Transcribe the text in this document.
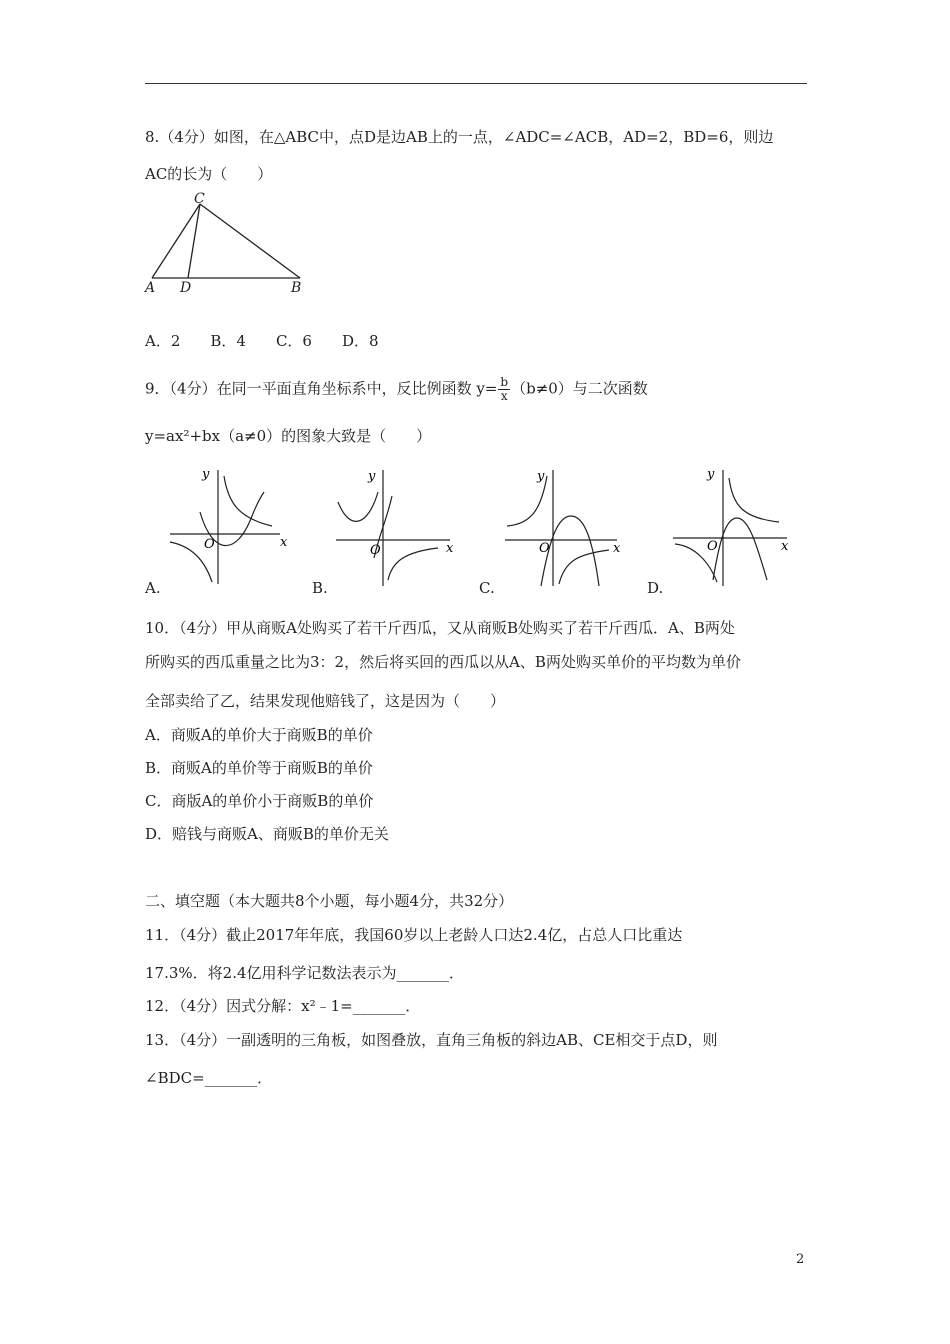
8.（4分）如图，在△ABC中，点D是边AB上的一点，∠ADC=∠ACB，AD=2，BD=6，则边
AC的长为（　　）
C
A D	B
A．2　　B．4　　C．6　　D．8
9．（4分）在同一平面直角坐标系中，反比例函数 $y= \frac{b}{x} (b\ne 0)$与二次函数
y=ax²+bx（a≠0）的图象大致是（　　）
y
x
O
A.
y
x
O
B.
y
x
O
C.
y
x
O
D.
10．（4分）甲从商贩A处购买了若干斤西瓜，又从商贩B处购买了若干斤西瓜．A、B两处
所购买的西瓜重量之比为3：2，然后将买回的西瓜以从A、B两处购买单价的平均数为单价
全部卖给了乙，结果发现他赔钱了，这是因为（　　）
A．商贩A的单价大于商贩B的单价
B．商贩A的单价等于商贩B的单价
C．商版A的单价小于商贩B的单价
D．赔钱与商贩A、商贩B的单价无关
二、填空题（本大题共8个小题，每小题4分，共32分）
11．（4分）截止2017年年底，我国60岁以上老龄人口达2.4亿，占总人口比重达
17.3%．将2.4亿用科学记数法表示为_______．
12．（4分）因式分解：x²﹣1=_______．
13．（4分）一副透明的三角板，如图叠放，直角三角板的斜边AB、CE相交于点D，则
∠BDC=_______．
2
